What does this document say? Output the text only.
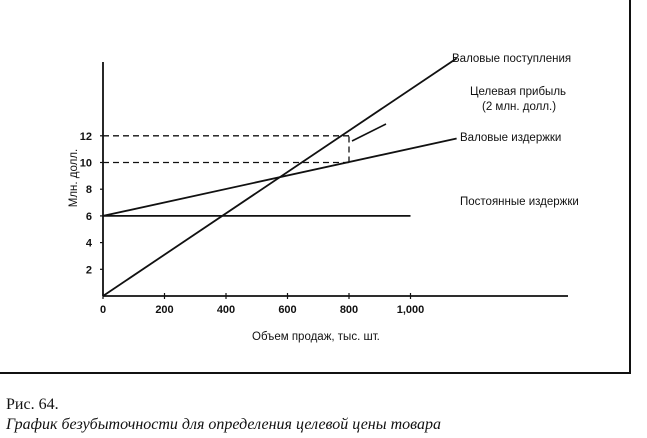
0	200	400	600	800	1,000
2
4
6
8
10
12
Валовые поступления
Целевая прибыль
(2 млн. долл.)
Валовые издержки
Постоянные издержки
Объем продаж, тыс. шт.
Млн. долл.
Рис. 64.
График безубыточности для определения целевой цены товара
